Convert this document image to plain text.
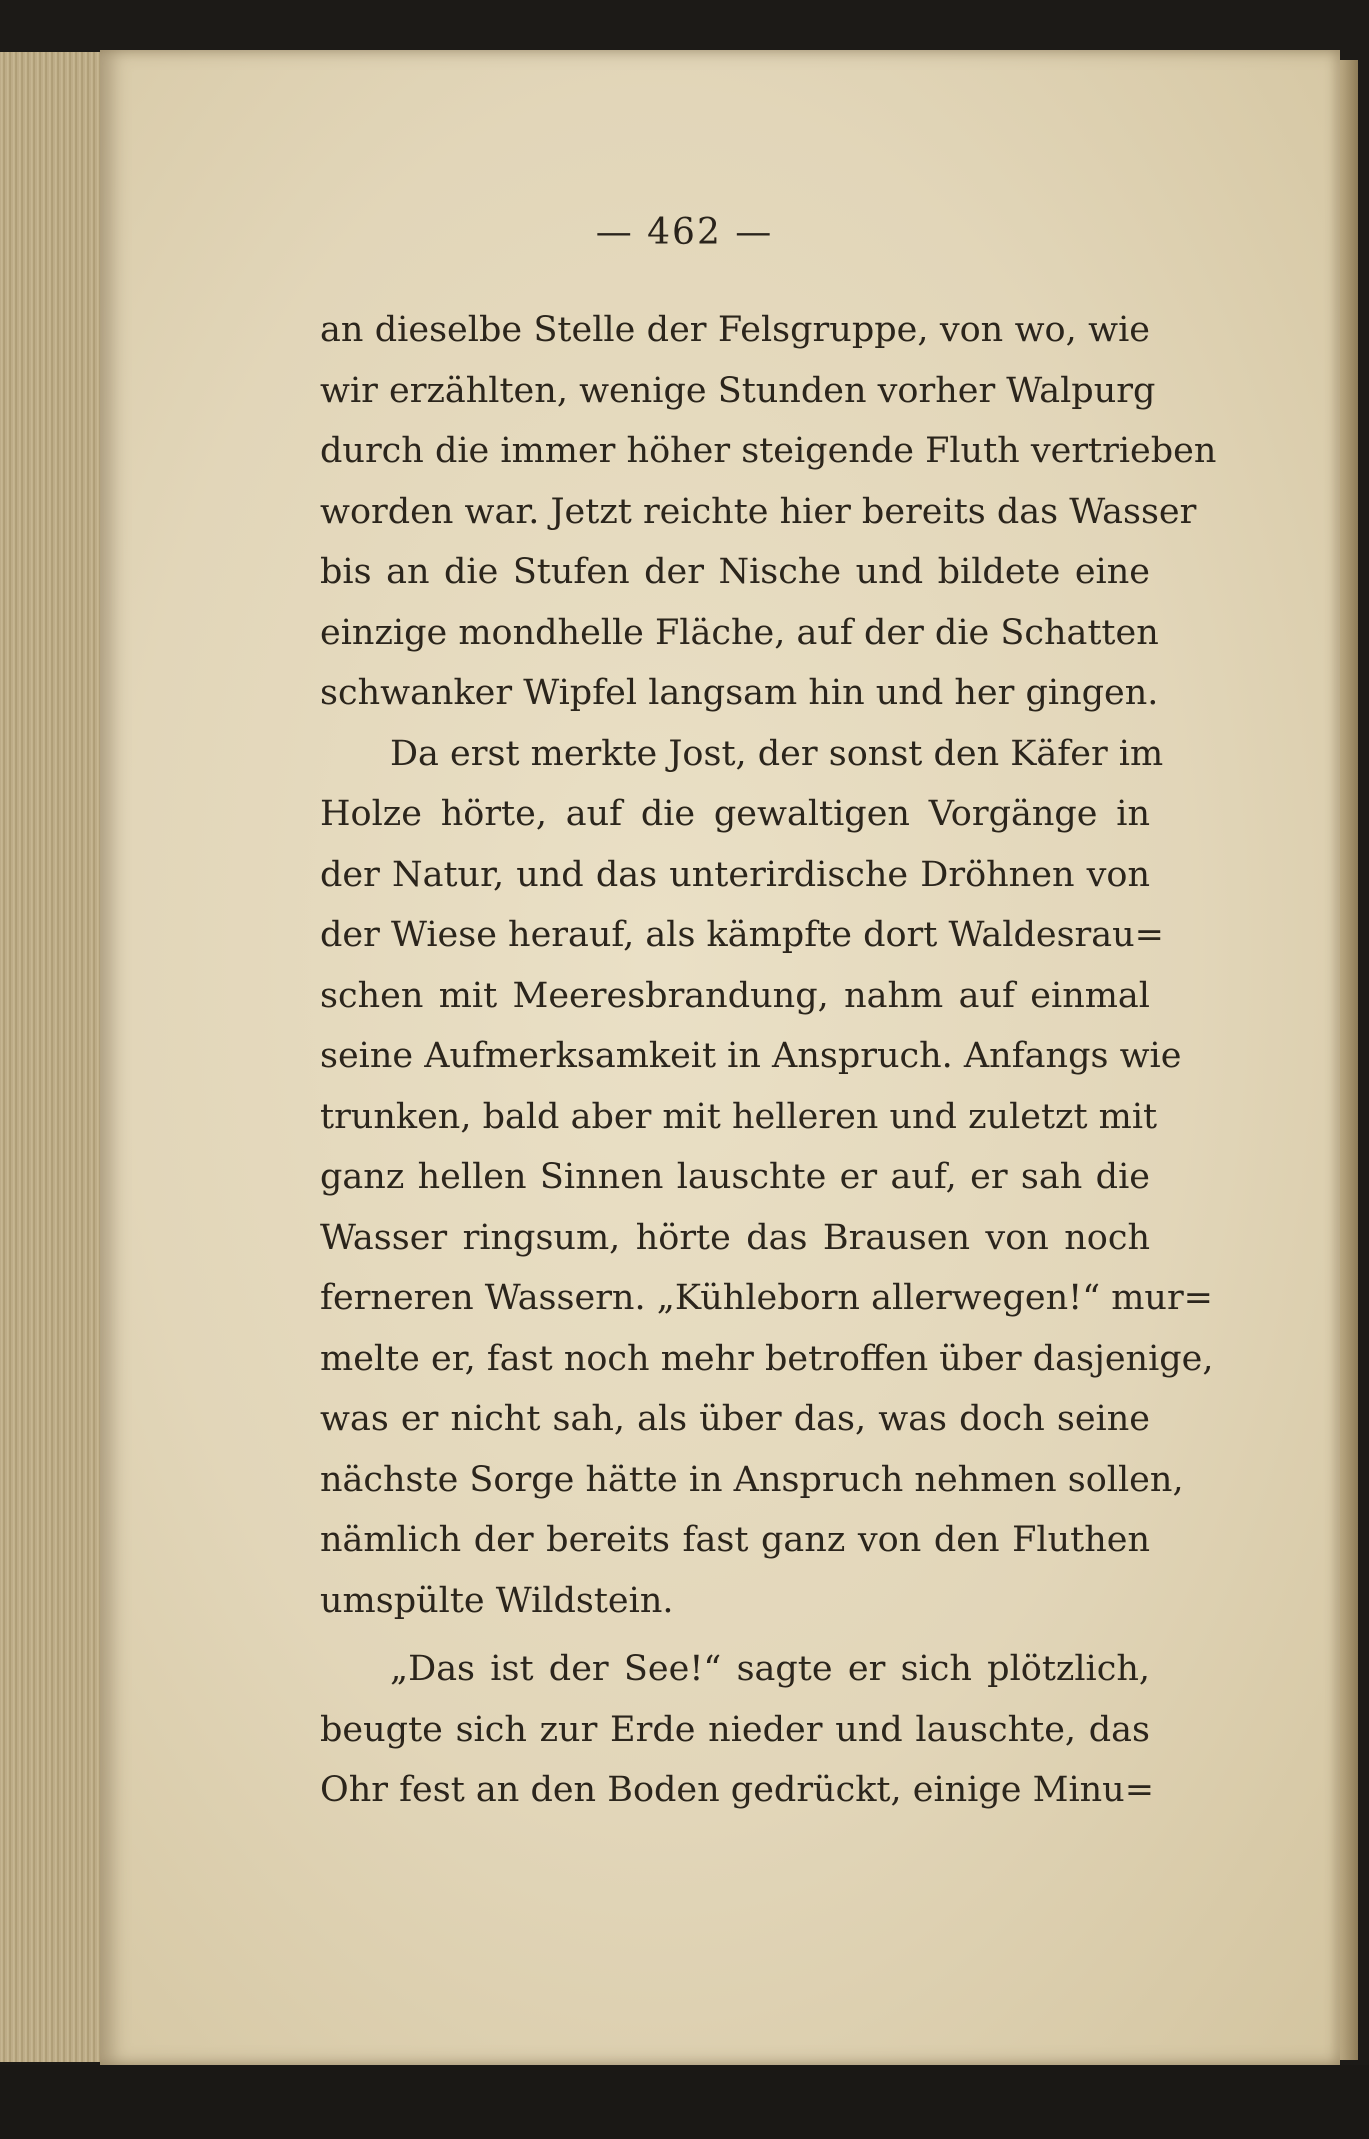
— 462 —
an dieselbe Stelle der Felsgruppe, von wo, wie
wir erzählten, wenige Stunden vorher Walpurg
durch die immer höher steigende Fluth vertrieben
worden war. Jetzt reichte hier bereits das Wasser
bis an die Stufen der Nische und bildete eine
einzige mondhelle Fläche, auf der die Schatten
schwanker Wipfel langsam hin und her gingen.
Da erst merkte Jost, der sonst den Käfer im
Holze hörte, auf die gewaltigen Vorgänge in
der Natur, und das unterirdische Dröhnen von
der Wiese herauf, als kämpfte dort Waldesrau=
schen mit Meeresbrandung, nahm auf einmal
seine Aufmerksamkeit in Anspruch. Anfangs wie
trunken, bald aber mit helleren und zuletzt mit
ganz hellen Sinnen lauschte er auf, er sah die
Wasser ringsum, hörte das Brausen von noch
ferneren Wassern. „Kühleborn allerwegen!“ mur=
melte er, fast noch mehr betroffen über dasjenige,
was er nicht sah, als über das, was doch seine
nächste Sorge hätte in Anspruch nehmen sollen,
nämlich der bereits fast ganz von den Fluthen
umspülte Wildstein.
„Das ist der See!“ sagte er sich plötzlich,
beugte sich zur Erde nieder und lauschte, das
Ohr fest an den Boden gedrückt, einige Minu=
